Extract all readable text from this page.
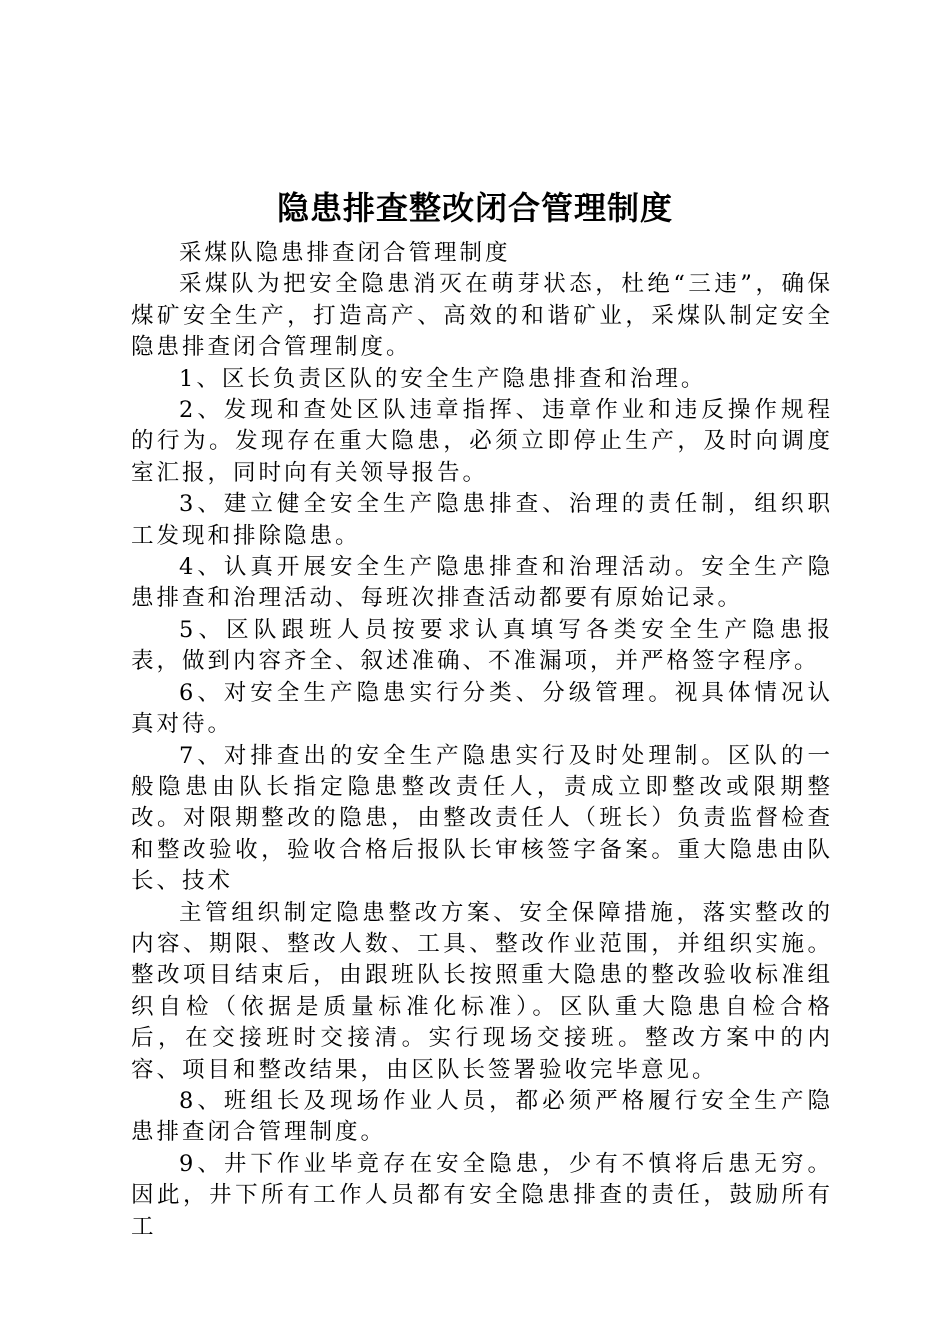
隐患排查整改闭合管理制度

采煤队隐患排查闭合管理制度

采煤队为把安全隐患消灭在萌芽状态，杜绝“三违”，确保煤矿安全生产，打造高产、高效的和谐矿业，采煤队制定安全隐患排查闭合管理制度。

1、区长负责区队的安全生产隐患排查和治理。

2、发现和查处区队违章指挥、违章作业和违反操作规程的行为。发现存在重大隐患，必须立即停止生产，及时向调度室汇报，同时向有关领导报告。

3、建立健全安全生产隐患排查、治理的责任制，组织职工发现和排除隐患。

4、认真开展安全生产隐患排查和治理活动。安全生产隐患排查和治理活动、每班次排查活动都要有原始记录。

5、区队跟班人员按要求认真填写各类安全生产隐患报表，做到内容齐全、叙述准确、不准漏项，并严格签字程序。

6、对安全生产隐患实行分类、分级管理。视具体情况认真对待。

7、对排查出的安全生产隐患实行及时处理制。区队的一般隐患由队长指定隐患整改责任人，责成立即整改或限期整改。对限期整改的隐患，由整改责任人（班长）负责监督检查和整改验收，验收合格后报队长审核签字备案。重大隐患由队长、技术

主管组织制定隐患整改方案、安全保障措施，落实整改的内容、期限、整改人数、工具、整改作业范围，并组织实施。整改项目结束后，由跟班队长按照重大隐患的整改验收标准组织自检（依据是质量标准化标准）。区队重大隐患自检合格后，在交接班时交接清。实行现场交接班。整改方案中的内容、项目和整改结果，由区队长签署验收完毕意见。

8、班组长及现场作业人员，都必须严格履行安全生产隐患排查闭合管理制度。

9、井下作业毕竟存在安全隐患，少有不慎将后患无穷。因此，井下所有工作人员都有安全隐患排查的责任，鼓励所有工
